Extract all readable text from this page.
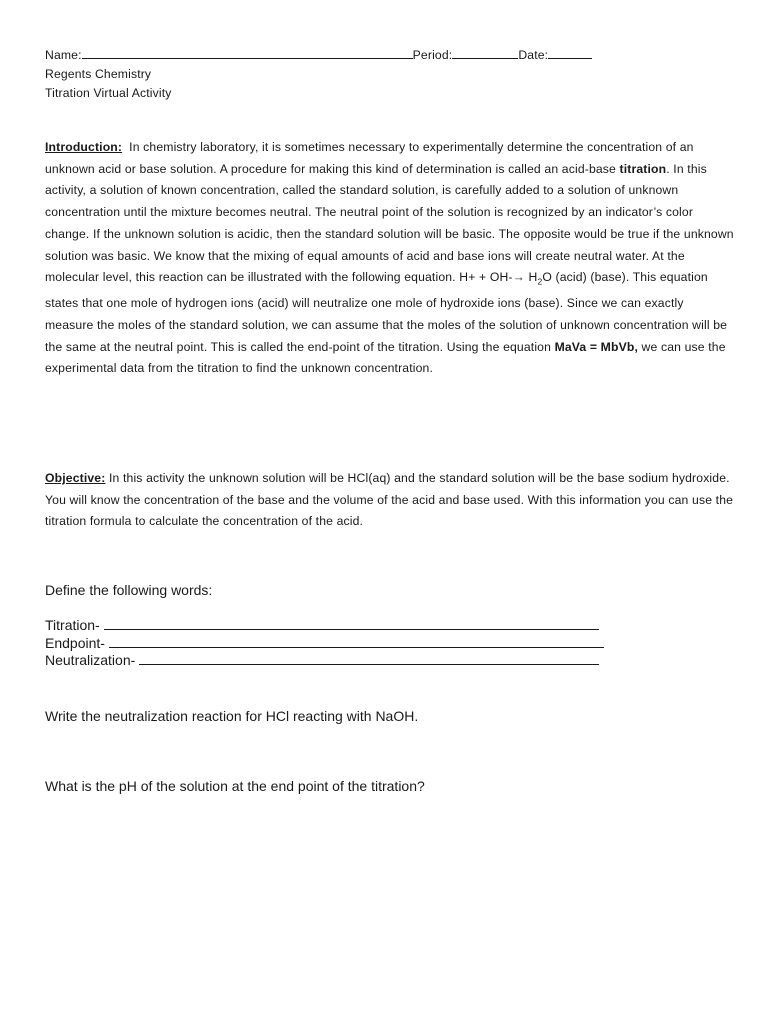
Name:	Period:	Date:
Regents Chemistry
Titration Virtual Activity
Introduction: In chemistry laboratory, it is sometimes necessary to experimentally determine the concentration of an unknown acid or base solution. A procedure for making this kind of determination is called an acid-base titration. In this activity, a solution of known concentration, called the standard solution, is carefully added to a solution of unknown concentration until the mixture becomes neutral. The neutral point of the solution is recognized by an indicator’s color change. If the unknown solution is acidic, then the standard solution will be basic. The opposite would be true if the unknown solution was basic. We know that the mixing of equal amounts of acid and base ions will create neutral water. At the molecular level, this reaction can be illustrated with the following equation. $H+ + OH-\to H_2O$ (acid) (base). This equation states that one mole of hydrogen ions (acid) will neutralize one mole of hydroxide ions (base). Since we can exactly measure the moles of the standard solution, we can assume that the moles of the solution of unknown concentration will be the same at the neutral point. This is called the end-point of the titration. Using the equation MaVa = MbVb, we can use the experimental data from the titration to find the unknown concentration.
Objective: In this activity the unknown solution will be HCl(aq) and the standard solution will be the base sodium hydroxide. You will know the concentration of the base and the volume of the acid and base used. With this information you can use the titration formula to calculate the concentration of the acid.
Define the following words:
Titration-
Endpoint-
Neutralization-
Write the neutralization reaction for HCl reacting with NaOH.
What is the pH of the solution at the end point of the titration?
